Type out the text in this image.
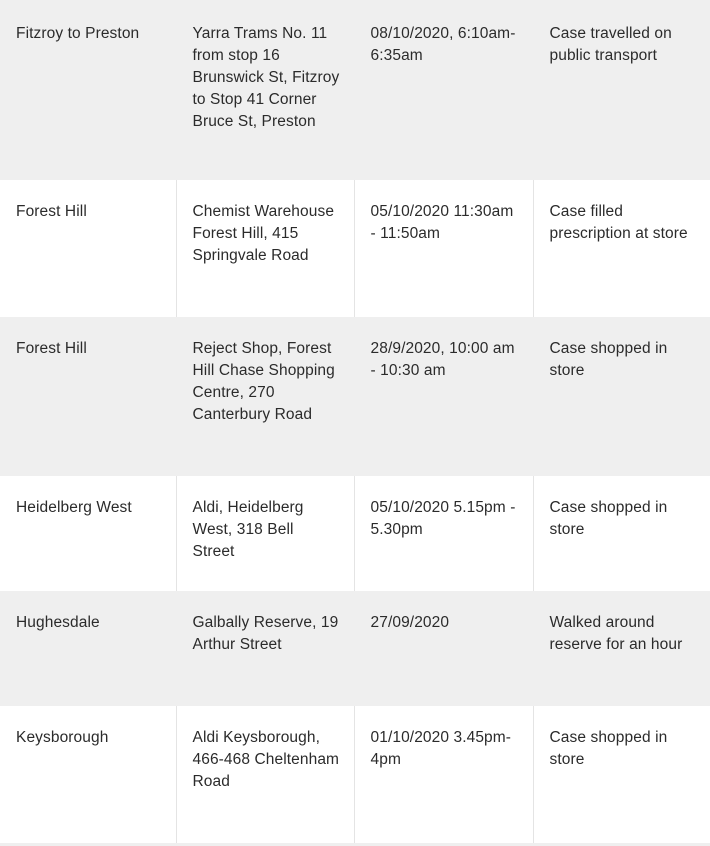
Fitzroy to Preston	Yarra Trams No. 11 from stop 16 Brunswick St, Fitzroy to Stop 41 Corner Bruce St, Preston	08/10/2020, 6:10am-6:35am	Case travelled on public transport
Forest Hill	Chemist Warehouse Forest Hill, 415 Springvale Road	05/10/2020 11:30am - 11:50am	Case filled prescription at store
Forest Hill	Reject Shop, Forest Hill Chase Shopping Centre, 270 Canterbury Road	28/9/2020, 10:00 am - 10:30 am	Case shopped in store
Heidelberg West	Aldi, Heidelberg West, 318 Bell Street	05/10/2020 5.15pm - 5.30pm	Case shopped in store
Hughesdale	Galbally Reserve, 19 Arthur Street	27/09/2020	Walked around reserve for an hour
Keysborough	Aldi Keysborough, 466-468 Cheltenham Road	01/10/2020 3.45pm-4pm	Case shopped in store
